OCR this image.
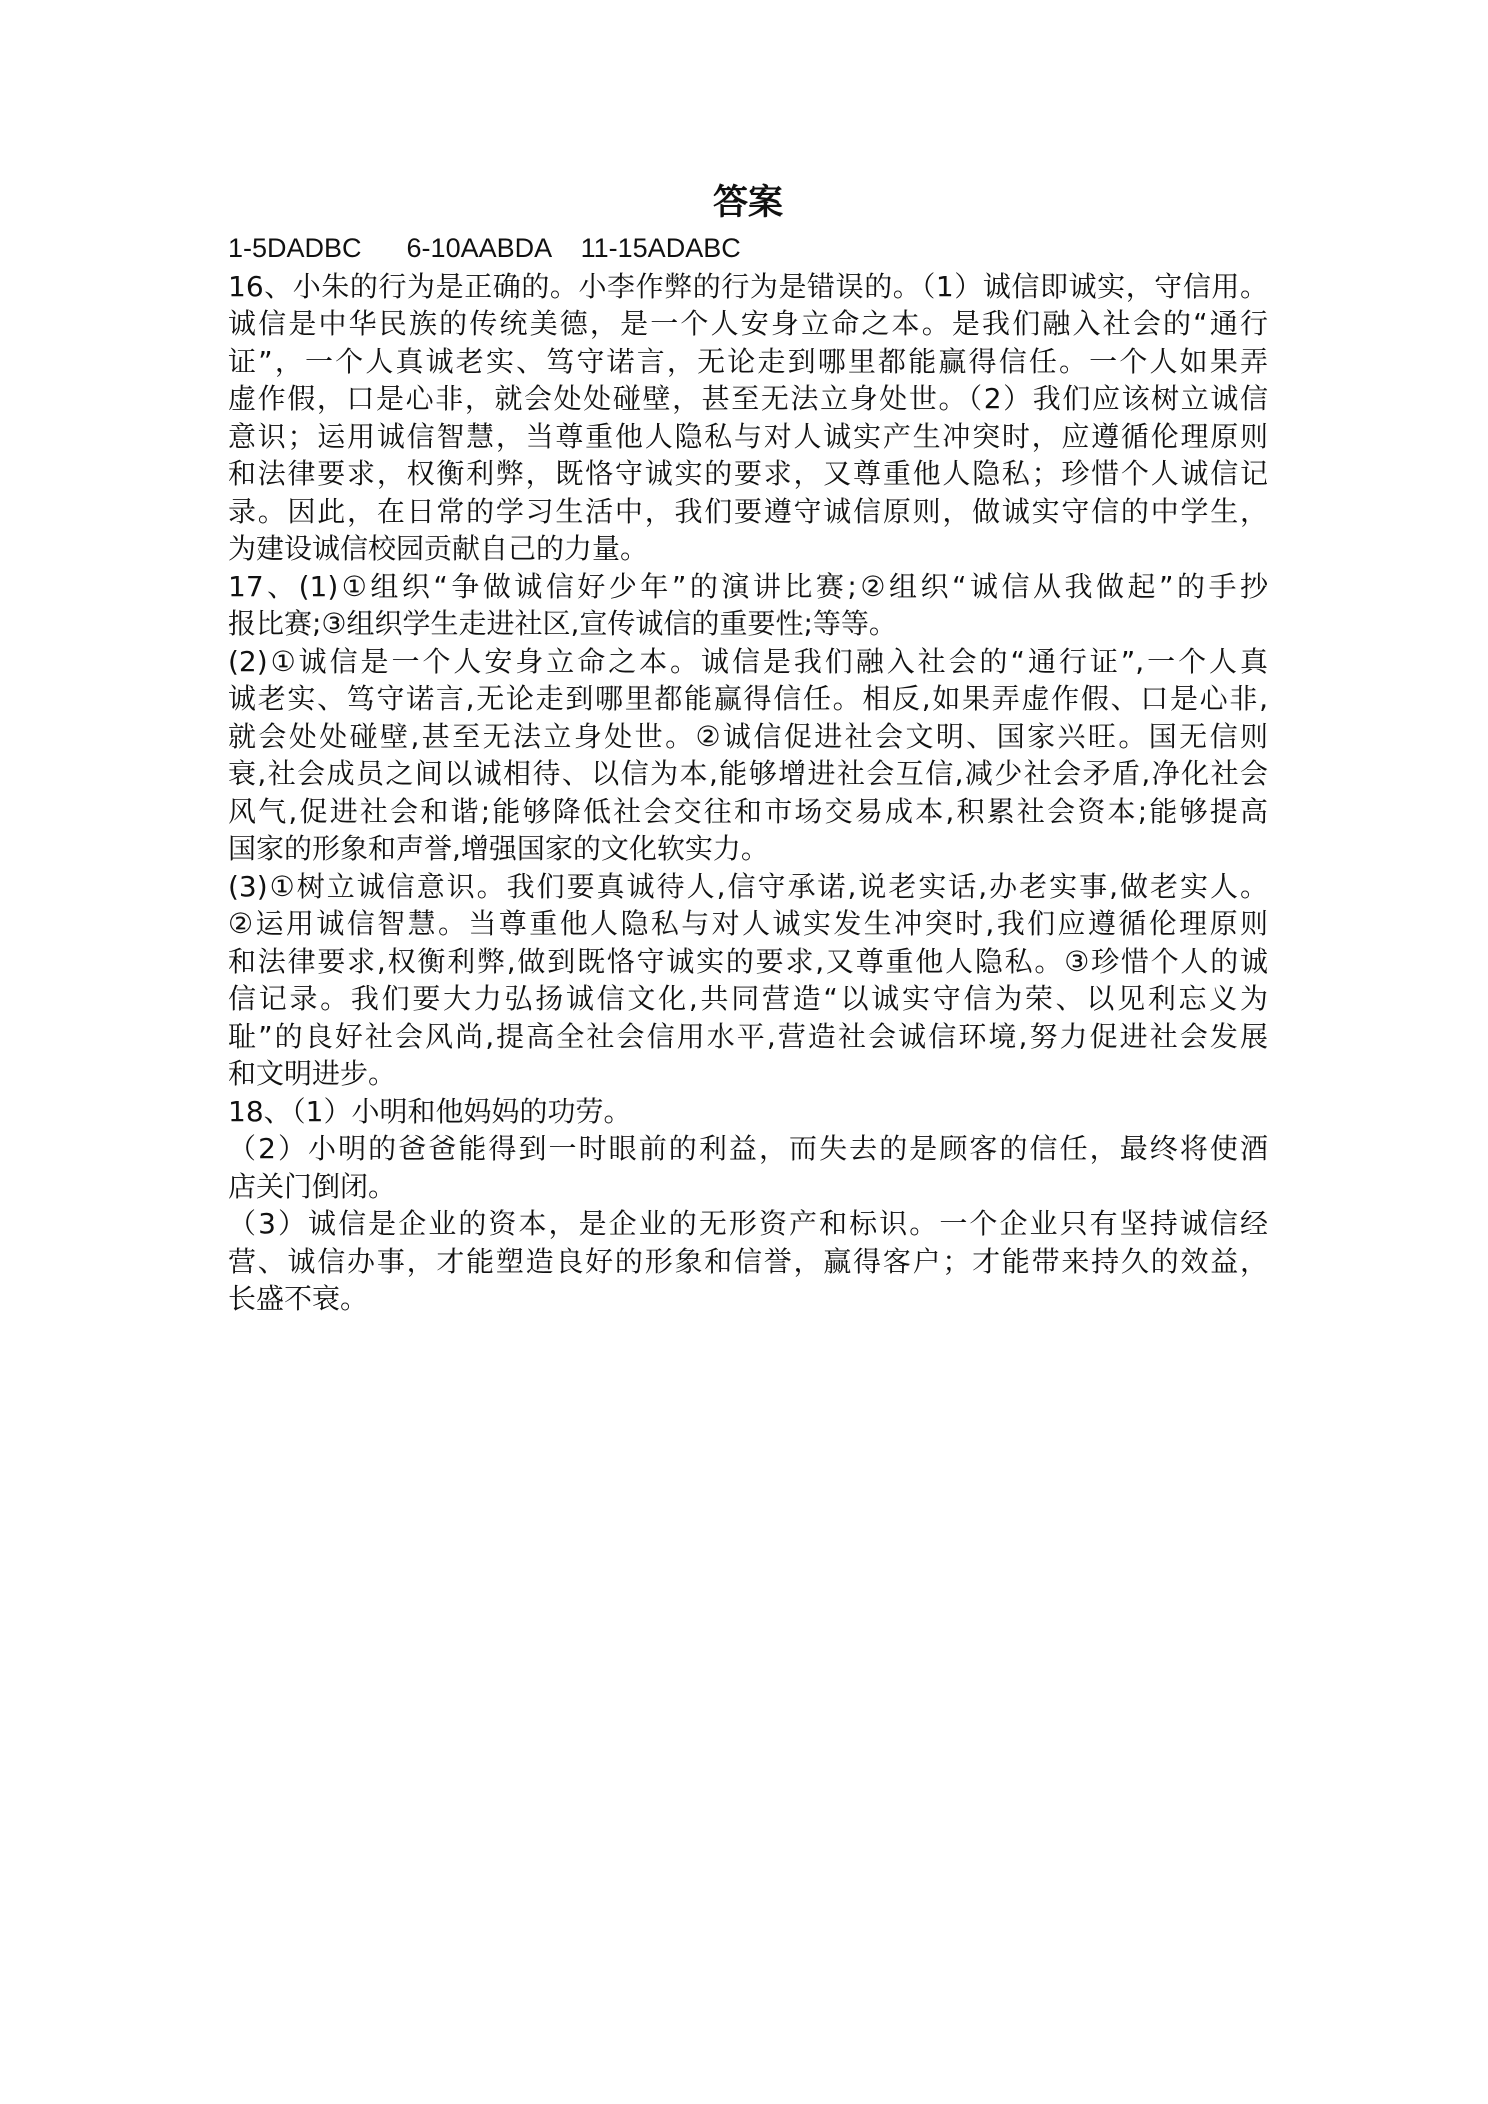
答案
1-5DADBC      6-10AABDA    11-15ADABC
16、小朱的行为是正确的。小李作弊的行为是错误的。（1）诚信即诚实，守信用。
诚信是中华民族的传统美德，是一个人安身立命之本。是我们融入社会的“通行
证”，一个人真诚老实、笃守诺言，无论走到哪里都能赢得信任。一个人如果弄
虚作假，口是心非，就会处处碰壁，甚至无法立身处世。（2）我们应该树立诚信
意识；运用诚信智慧，当尊重他人隐私与对人诚实产生冲突时，应遵循伦理原则
和法律要求，权衡利弊，既恪守诚实的要求，又尊重他人隐私；珍惜个人诚信记
录。因此，在日常的学习生活中，我们要遵守诚信原则，做诚实守信的中学生，
为建设诚信校园贡献自己的力量。
17、(1)①组织“争做诚信好少年”的演讲比赛;②组织“诚信从我做起”的手抄
报比赛;③组织学生走进社区,宣传诚信的重要性;等等。
(2)①诚信是一个人安身立命之本。诚信是我们融入社会的“通行证”,一个人真
诚老实、笃守诺言,无论走到哪里都能赢得信任。相反,如果弄虚作假、口是心非,
就会处处碰壁,甚至无法立身处世。②诚信促进社会文明、国家兴旺。国无信则
衰,社会成员之间以诚相待、以信为本,能够增进社会互信,减少社会矛盾,净化社会
风气,促进社会和谐;能够降低社会交往和市场交易成本,积累社会资本;能够提高
国家的形象和声誉,增强国家的文化软实力。
(3)①树立诚信意识。我们要真诚待人,信守承诺,说老实话,办老实事,做老实人。
②运用诚信智慧。当尊重他人隐私与对人诚实发生冲突时,我们应遵循伦理原则
和法律要求,权衡利弊,做到既恪守诚实的要求,又尊重他人隐私。③珍惜个人的诚
信记录。我们要大力弘扬诚信文化,共同营造“以诚实守信为荣、以见利忘义为
耻”的良好社会风尚,提高全社会信用水平,营造社会诚信环境,努力促进社会发展
和文明进步。
18、（1）小明和他妈妈的功劳。
（2）小明的爸爸能得到一时眼前的利益，而失去的是顾客的信任，最终将使酒
店关门倒闭。
（3）诚信是企业的资本，是企业的无形资产和标识。一个企业只有坚持诚信经
营、诚信办事，才能塑造良好的形象和信誉，赢得客户；才能带来持久的效益，
长盛不衰。
